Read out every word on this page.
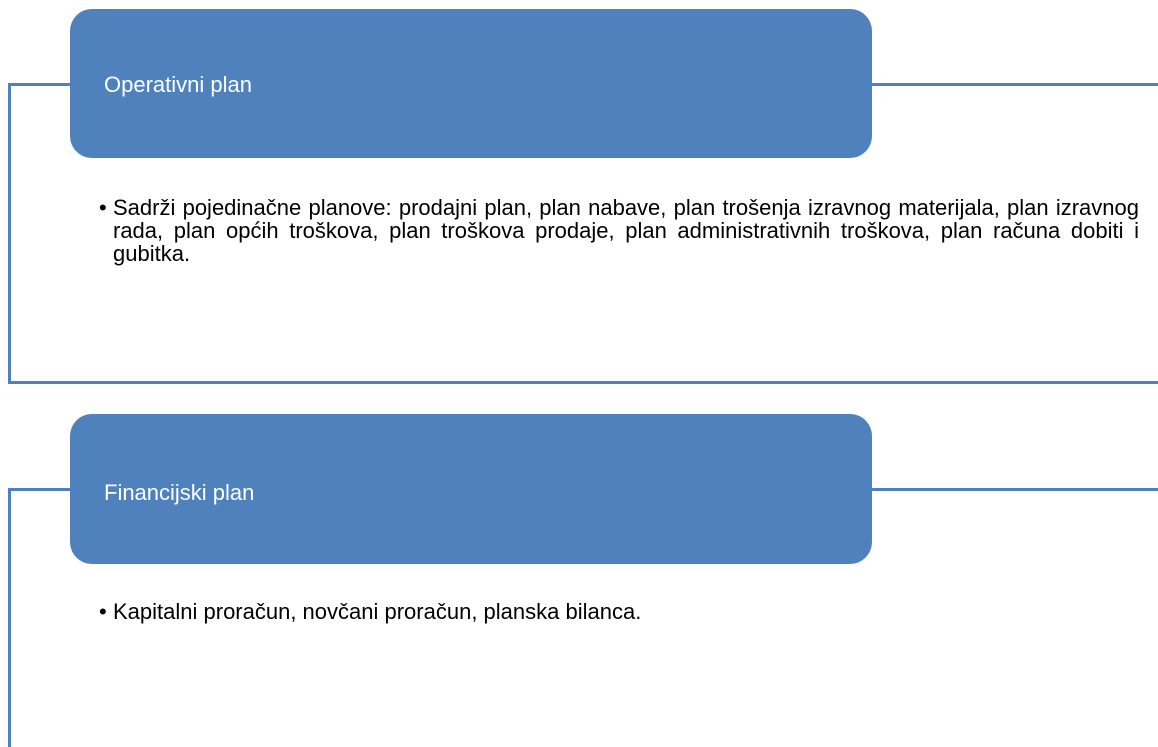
Operativni plan
• Sadrži pojedinačne planove: prodajni plan, plan nabave, plan trošenja izravnog materijala, plan izravnog rada, plan općih troškova, plan troškova prodaje, plan administrativnih troškova, plan računa dobiti i gubitka.
Financijski plan
• Kapitalni proračun, novčani proračun, planska bilanca.
